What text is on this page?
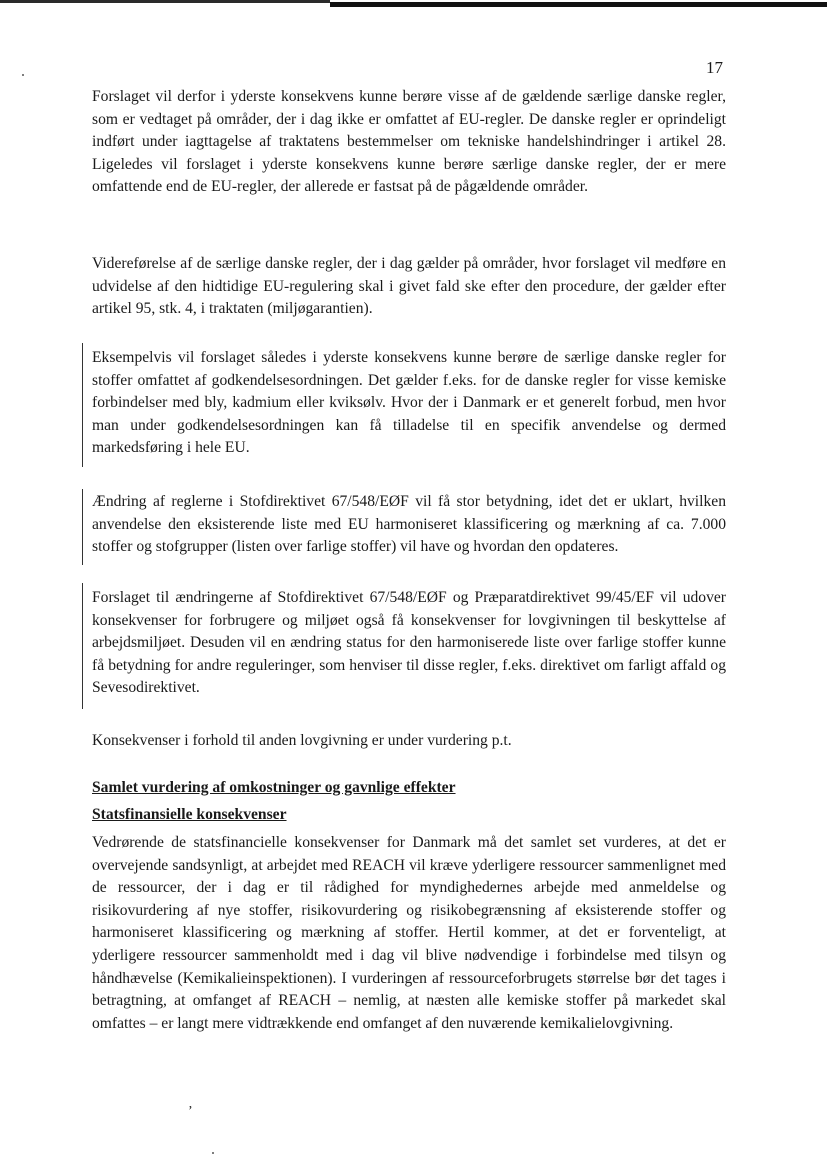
17

Forslaget vil derfor i yderste konsekvens kunne berøre visse af de gældende særlige danske regler, som er vedtaget på områder, der i dag ikke er omfattet af EU-regler. De danske regler er oprindeligt indført under iagttagelse af traktatens bestemmelser om tekniske handelshindringer i artikel 28. Ligeledes vil forslaget i yderste konsekvens kunne berøre særlige danske regler, der er mere omfattende end de EU-regler, der allerede er fastsat på de pågældende områder.

Videreførelse af de særlige danske regler, der i dag gælder på områder, hvor forslaget vil medføre en udvidelse af den hidtidige EU-regulering skal i givet fald ske efter den procedure, der gælder efter artikel 95, stk. 4, i traktaten (miljøgarantien).

Eksempelvis vil forslaget således i yderste konsekvens kunne berøre de særlige danske regler for stoffer omfattet af godkendelsesordningen. Det gælder f.eks. for de danske regler for visse kemiske forbindelser med bly, kadmium eller kviksølv. Hvor der i Danmark er et generelt forbud, men hvor man under godkendelsesordningen kan få tilladelse til en specifik anvendelse og dermed markedsføring i hele EU.

Ændring af reglerne i Stofdirektivet 67/548/EØF vil få stor betydning, idet det er uklart, hvilken anvendelse den eksisterende liste med EU harmoniseret klassificering og mærkning af ca. 7.000 stoffer og stofgrupper (listen over farlige stoffer) vil have og hvordan den opdateres.

Forslaget til ændringerne af Stofdirektivet 67/548/EØF og Præparatdirektivet 99/45/EF vil udover konsekvenser for forbrugere og miljøet også få konsekvenser for lovgivningen til beskyttelse af arbejdsmiljøet. Desuden vil en ændring status for den harmoniserede liste over farlige stoffer kunne få betydning for andre reguleringer, som henviser til disse regler, f.eks. direktivet om farligt affald og Sevesodirektivet.

Konsekvenser i forhold til anden lovgivning er under vurdering p.t.

Samlet vurdering af omkostninger og gavnlige effekter
Statsfinansielle konsekvenser

Vedrørende de statsfinancielle konsekvenser for Danmark må det samlet set vurderes, at det er overvejende sandsynligt, at arbejdet med REACH vil kræve yderligere ressourcer sammenlignet med de ressourcer, der i dag er til rådighed for myndighedernes arbejde med anmeldelse og risikovurdering af nye stoffer, risikovurdering og risikobegrænsning af eksisterende stoffer og harmoniseret klassificering og mærkning af stoffer. Hertil kommer, at det er forventeligt, at yderligere ressourcer sammenholdt med i dag vil blive nødvendige i forbindelse med tilsyn og håndhævelse (Kemikalieinspektionen). I vurderingen af ressourceforbrugets størrelse bør det tages i betragtning, at omfanget af REACH – nemlig, at næsten alle kemiske stoffer på markedet skal omfattes – er langt mere vidtrækkende end omfanget af den nuværende kemikalielovgivning.

ʼ
